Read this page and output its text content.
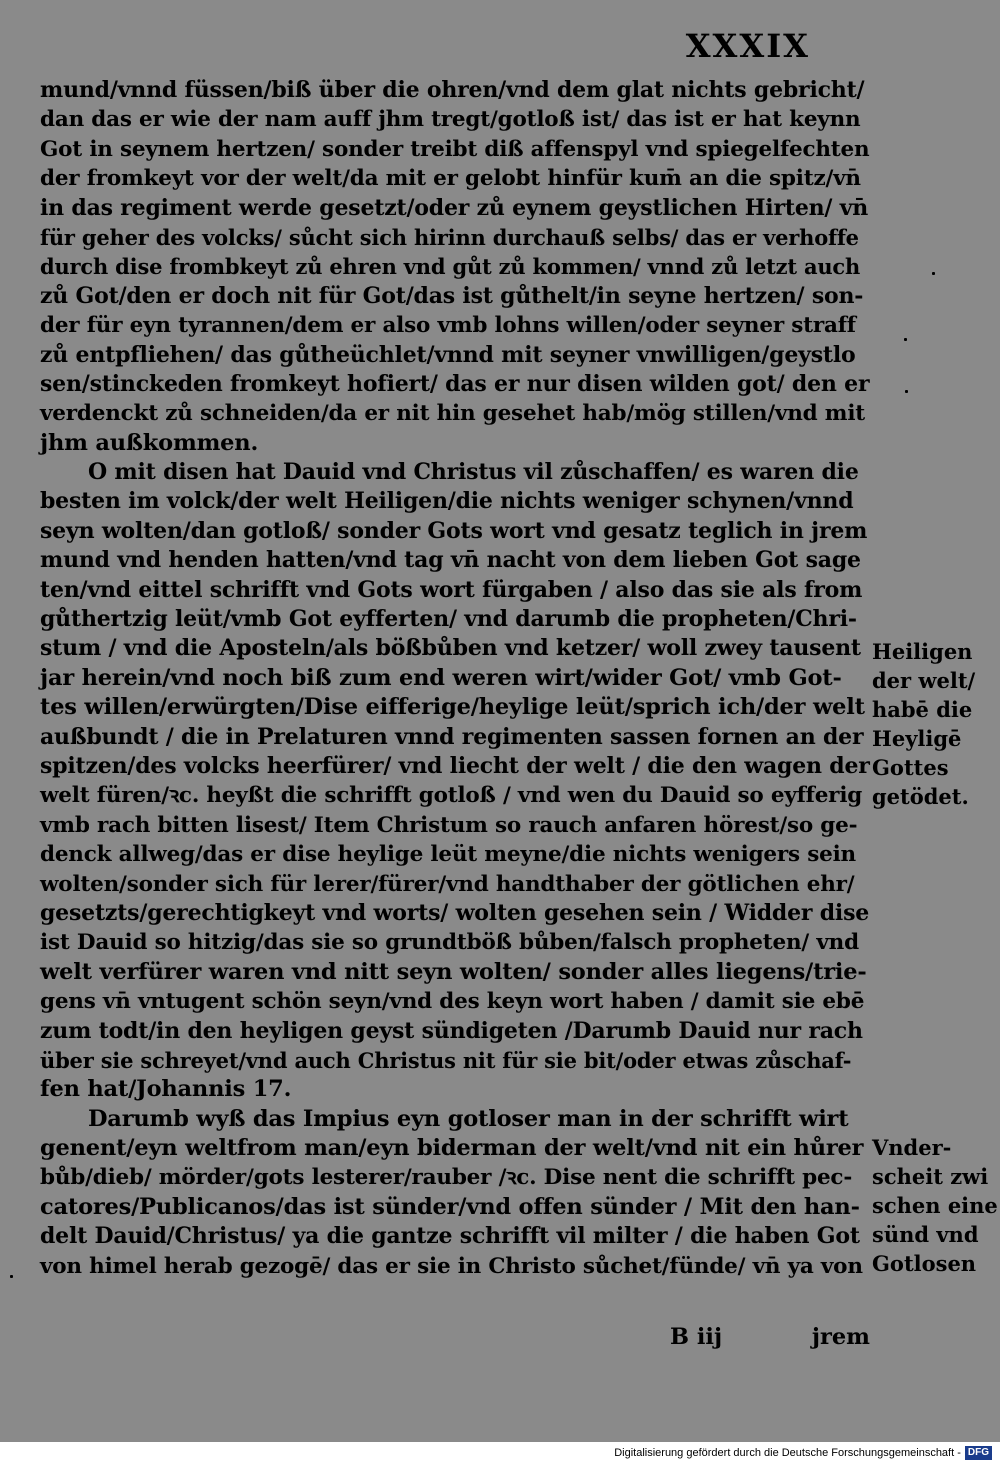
XXXIX
mund/vnnd füssen/biß über die ohren/vnd dem glat nichts gebricht/
dan das er wie der nam auff jhm tregt/gotloß ist/ das ist er hat keynn
Got in seynem hertzen/ sonder treibt diß affenspyl vnd spiegelfechten
der fromkeyt vor der welt/da mit er gelobt hinfür kum̄ an die spitz/vn̄
in das regiment werde gesetzt/oder zů eynem geystlichen Hirten/ vn̄
für geher des volcks/ sůcht sich hirinn durchauß selbs/ das er verhoffe
durch dise frombkeyt zů ehren vnd gůt zů kommen/ vnnd zů letzt auch
zů Got/den er doch nit für Got/das ist gůthelt/in seyne hertzen/ son-
der für eyn tyrannen/dem er also vmb lohns willen/oder seyner straff
zů entpfliehen/ das gůtheüchlet/vnnd mit seyner vnwilligen/geystlo
sen/stinckeden fromkeyt hofiert/ das er nur disen wilden got/ den er
verdenckt zů schneiden/da er nit hin gesehet hab/mög stillen/vnd mit
jhm außkommen.
O mit disen hat Dauid vnd Christus vil zůschaffen/ es waren die
besten im volck/der welt Heiligen/die nichts weniger schynen/vnnd
seyn wolten/dan gotloß/ sonder Gots wort vnd gesatz teglich in jrem
mund vnd henden hatten/vnd tag vn̄ nacht von dem lieben Got sage
ten/vnd eittel schrifft vnd Gots wort fürgaben / also das sie als from
gůthertzig leüt/vmb Got eyfferten/ vnd darumb die propheten/Chri-
stum / vnd die Aposteln/als bößbůben vnd ketzer/ woll zwey tausent
jar herein/vnd noch biß zum end weren wirt/wider Got/ vmb Got-
tes willen/erwürgten/Dise eifferige/heylige leüt/sprich ich/der welt
außbundt / die in Prelaturen vnnd regimenten sassen fornen an der
spitzen/des volcks heerfürer/ vnd liecht der welt / die den wagen der
welt füren/ꝛc. heyßt die schrifft gotloß / vnd wen du Dauid so eyfferig
vmb rach bitten lisest/ Item Christum so rauch anfaren hörest/so ge-
denck allweg/das er dise heylige leüt meyne/die nichts wenigers sein
wolten/sonder sich für lerer/fürer/vnd handthaber der götlichen ehr/
gesetzts/gerechtigkeyt vnd worts/ wolten gesehen sein / Widder dise
ist Dauid so hitzig/das sie so grundtböß bůben/falsch propheten/ vnd
welt verfürer waren vnd nitt seyn wolten/ sonder alles liegens/trie-
gens vn̄ vntugent schön seyn/vnd des keyn wort haben / damit sie ebē
zum todt/in den heyligen geyst sündigeten /Darumb Dauid nur rach
über sie schreyet/vnd auch Christus nit für sie bit/oder etwas zůschaf-
fen hat/Johannis 17.
Darumb wyß das Impius eyn gotloser man in der schrifft wirt
genent/eyn weltfrom man/eyn biderman der welt/vnd nit ein hůrer
bůb/dieb/ mörder/gots lesterer/rauber /ꝛc. Dise nent die schrifft pec-
catores/Publicanos/das ist sünder/vnd offen sünder / Mit den han-
delt Dauid/Christus/ ya die gantze schrifft vil milter / die haben Got
von himel herab gezogē/ das er sie in Christo sůchet/fünde/ vn̄ ya von
Heiligen
der welt/
habē die
Heyligē
Gottes
getödet.
Vnder-
scheit zwi
schen eine
sünd vnd
Gotlosen
B iij	jrem
Digitalisierung gefördert durch die Deutsche Forschungsgemeinschaft - DFG
